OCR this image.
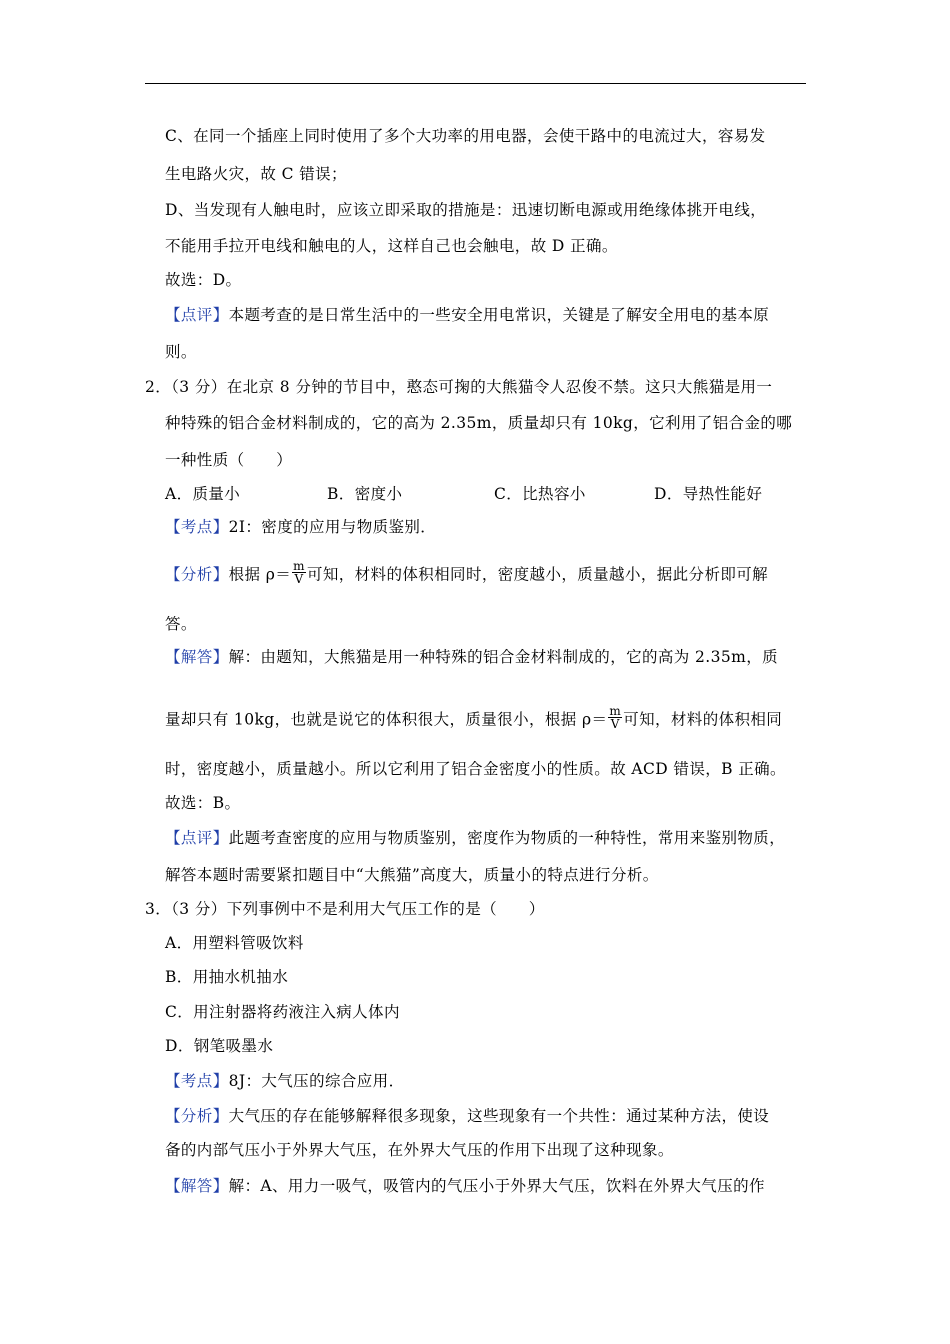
C、在同一个插座上同时使用了多个大功率的用电器，会使干路中的电流过大，容易发
生电路火灾，故 C 错误；
D、当发现有人触电时，应该立即采取的措施是：迅速切断电源或用绝缘体挑开电线，
不能用手拉开电线和触电的人，这样自己也会触电，故 D 正确。
故选：D。
【点评】本题考查的是日常生活中的一些安全用电常识，关键是了解安全用电的基本原
则。
2．（3 分）在北京 8 分钟的节目中，憨态可掬的大熊猫令人忍俊不禁。这只大熊猫是用一
种特殊的铝合金材料制成的，它的高为 2.35m，质量却只有 10kg，它利用了铝合金的哪
一种性质（　　）
A．质量小	B．密度小	C．比热容小	D．导热性能好
【考点】2I：密度的应用与物质鉴别．
【分析】根据 $\rho= \frac{m}{V}$ 可知，材料的体积相同时，密度越小，质量越小，据此分析即可解
答。
【解答】解：由题知，大熊猫是用一种特殊的铝合金材料制成的，它的高为 2.35m，质
量却只有 10kg，也就是说它的体积很大，质量很小，根据 $\rho= \frac{m}{V}$ 可知，材料的体积相同
时，密度越小，质量越小。所以它利用了铝合金密度小的性质。故 ACD 错误，B 正确。
故选：B。
【点评】此题考查密度的应用与物质鉴别，密度作为物质的一种特性，常用来鉴别物质，
解答本题时需要紧扣题目中“大熊猫”高度大，质量小的特点进行分析。
3．（3 分）下列事例中不是利用大气压工作的是（　　）
A．用塑料管吸饮料
B．用抽水机抽水
C．用注射器将药液注入病人体内
D．钢笔吸墨水
【考点】8J：大气压的综合应用．
【分析】大气压的存在能够解释很多现象，这些现象有一个共性：通过某种方法，使设
备的内部气压小于外界大气压，在外界大气压的作用下出现了这种现象。
【解答】解：A、用力一吸气，吸管内的气压小于外界大气压，饮料在外界大气压的作
